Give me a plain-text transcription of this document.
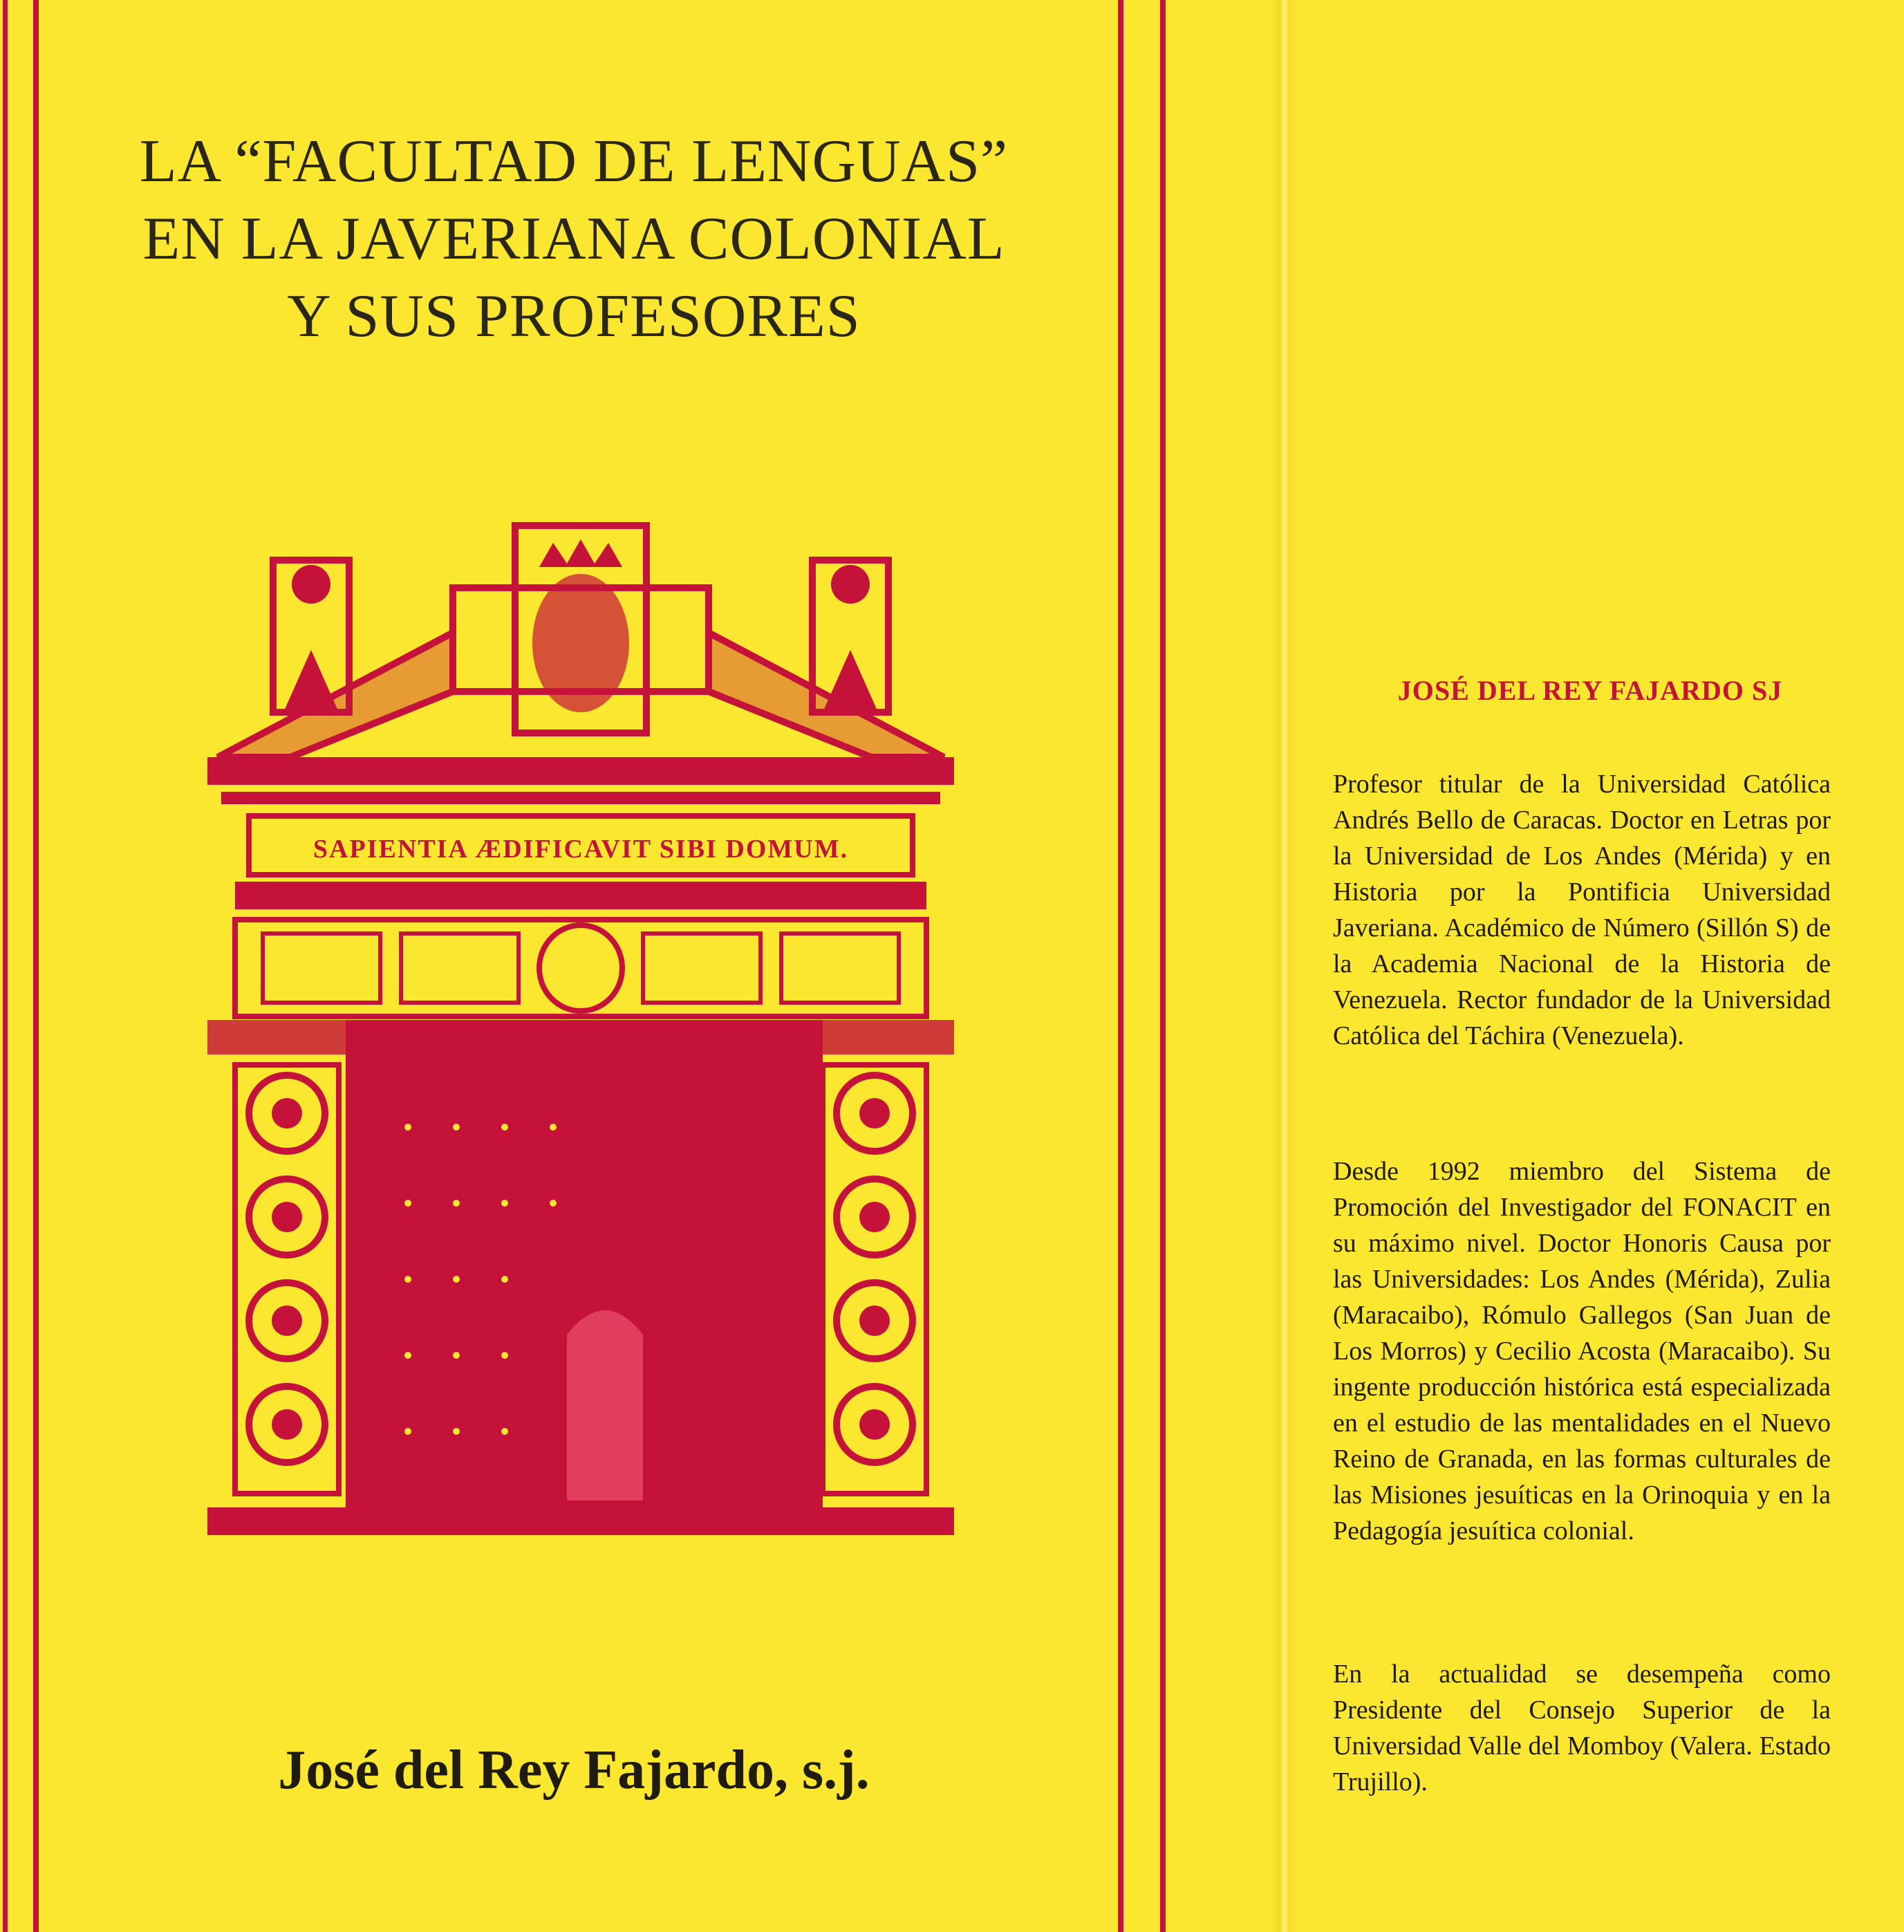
LA “FACULTAD DE LENGUAS”
EN LA JAVERIANA COLONIAL
Y SUS PROFESORES
SAPIENTIA ÆDIFICAVIT SIBI DOMUM.
José del Rey Fajardo, s.j.
JOSÉ DEL REY FAJARDO SJ
Profesor titular de la Universidad Católica Andrés Bello de Caracas. Doctor en Letras por la Universidad de Los Andes (Mérida) y en Historia por la Pontificia Universidad Javeriana. Académico de Número (Sillón S) de la Academia Nacional de la Historia de Venezuela. Rector fundador de la Universidad Católica del Táchira (Venezuela).
Desde 1992 miembro del Sistema de Promoción del Investigador del FONACIT en su máximo nivel. Doctor Honoris Causa por las Universidades: Los Andes (Mérida), Zulia (Maracaibo), Rómulo Gallegos (San Juan de Los Morros) y Cecilio Acosta (Maracaibo). Su ingente producción histórica está especializada en el estudio de las mentalidades en el Nuevo Reino de Granada, en las formas culturales de las Misiones jesuíticas en la Orinoquia y en la Pedagogía jesuítica colonial.
En la actualidad se desempeña como Presidente del Consejo Superior de la Universidad Valle del Momboy (Valera. Estado Trujillo).
